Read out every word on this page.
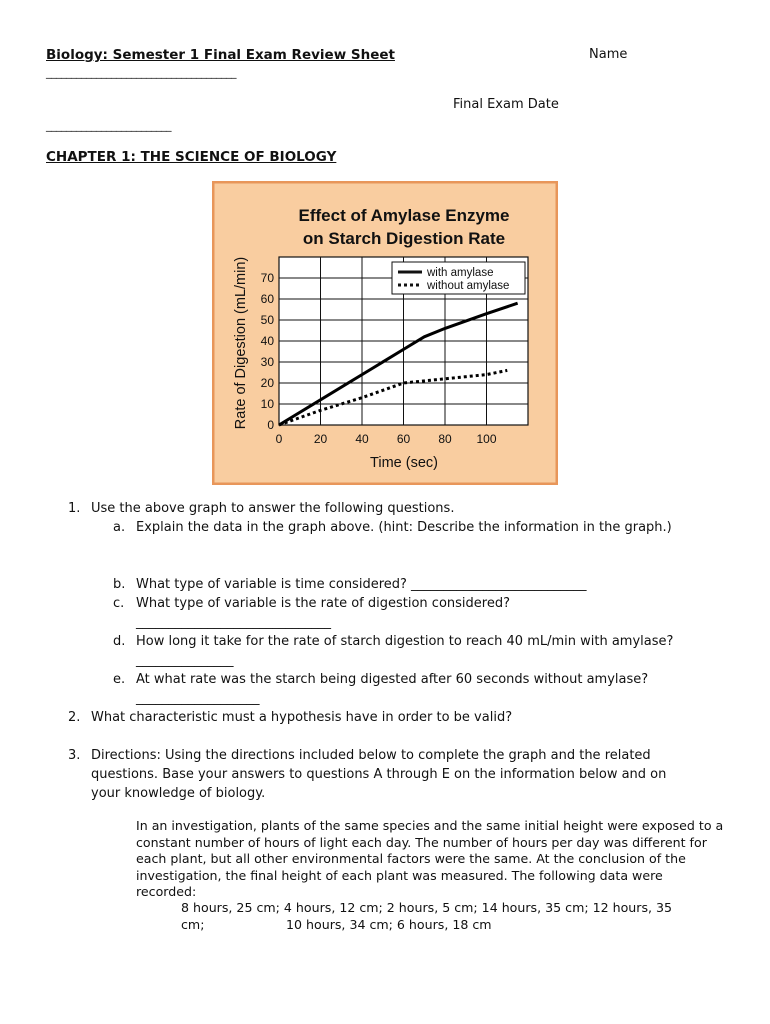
Biology: Semester 1 Final Exam Review Sheet	Name
______________________________________
Final Exam Date
_________________________
CHAPTER 1: THE SCIENCE OF BIOLOGY
Effect of Amylase Enzyme
on Starch Digestion Rate
Rate of Digestion (mL/min)
Time (sec)
0
10
20
30
40
50
60
70
0	20 40 60 80 100
with amylase
without amylase
1. Use the above graph to answer the following questions.
a. Explain the data in the graph above. (hint: Describe the information in the graph.)
b. What type of variable is time considered? ___________________________
c. What type of variable is the rate of digestion considered?
______________________________
d. How long it take for the rate of starch digestion to reach 40 mL/min with amylase?
_______________
e. At what rate was the starch being digested after 60 seconds without amylase?
___________________
2. What characteristic must a hypothesis have in order to be valid?
3. Directions: Using the directions included below to complete the graph and the related
questions. Base your answers to questions A through E on the information below and on
your knowledge of biology.
In an investigation, plants of the same species and the same initial height were exposed to a constant number of hours of light each day. The number of hours per day was different for each plant, but all other environmental factors were the same. At the conclusion of the investigation, the final height of each plant was measured. The following data were recorded:
8 hours, 25 cm; 4 hours, 12 cm; 2 hours, 5 cm; 14 hours, 35 cm; 12 hours, 35
cm;	10 hours, 34 cm; 6 hours, 18 cm
